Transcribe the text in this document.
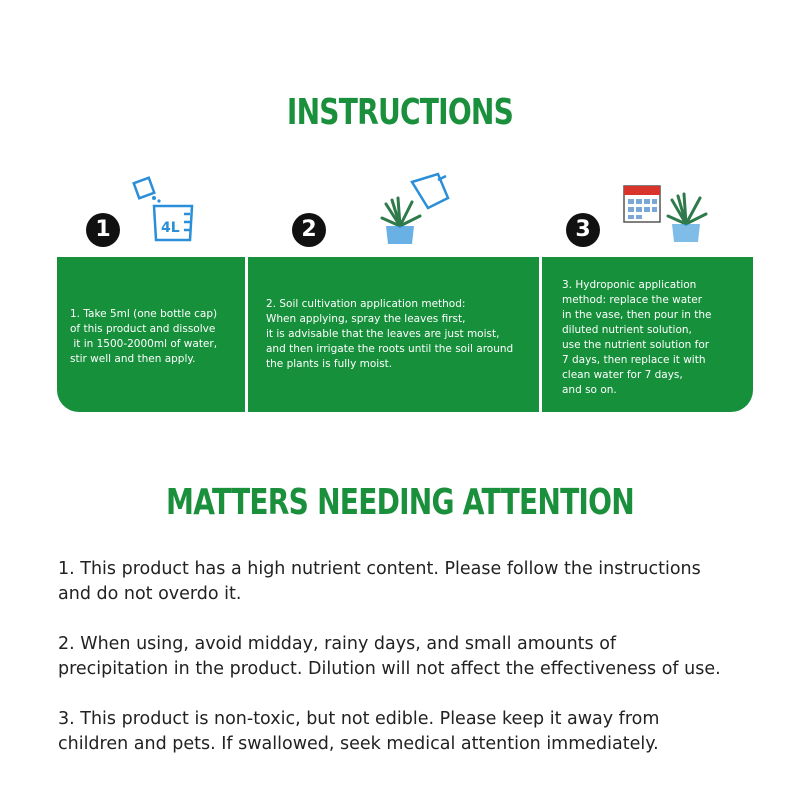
INSTRUCTIONS
1	4L	2	3
1. Take 5ml (one bottle cap)
of this product and dissolve
it in 1500-2000ml of water,
stir well and then apply.
2. Soil cultivation application method:
When applying, spray the leaves first,
it is advisable that the leaves are just moist,
and then irrigate the roots until the soil around
the plants is fully moist.
3. Hydroponic application
method: replace the water
in the vase, then pour in the
diluted nutrient solution,
use the nutrient solution for
7 days, then replace it with
clean water for 7 days,
and so on.
MATTERS NEEDING ATTENTION

1. This product has a high nutrient content. Please follow the instructions
and do not overdo it.

2. When using, avoid midday, rainy days, and small amounts of
precipitation in the product. Dilution will not affect the effectiveness of use.

3. This product is non-toxic, but not edible. Please keep it away from
children and pets. If swallowed, seek medical attention immediately.
